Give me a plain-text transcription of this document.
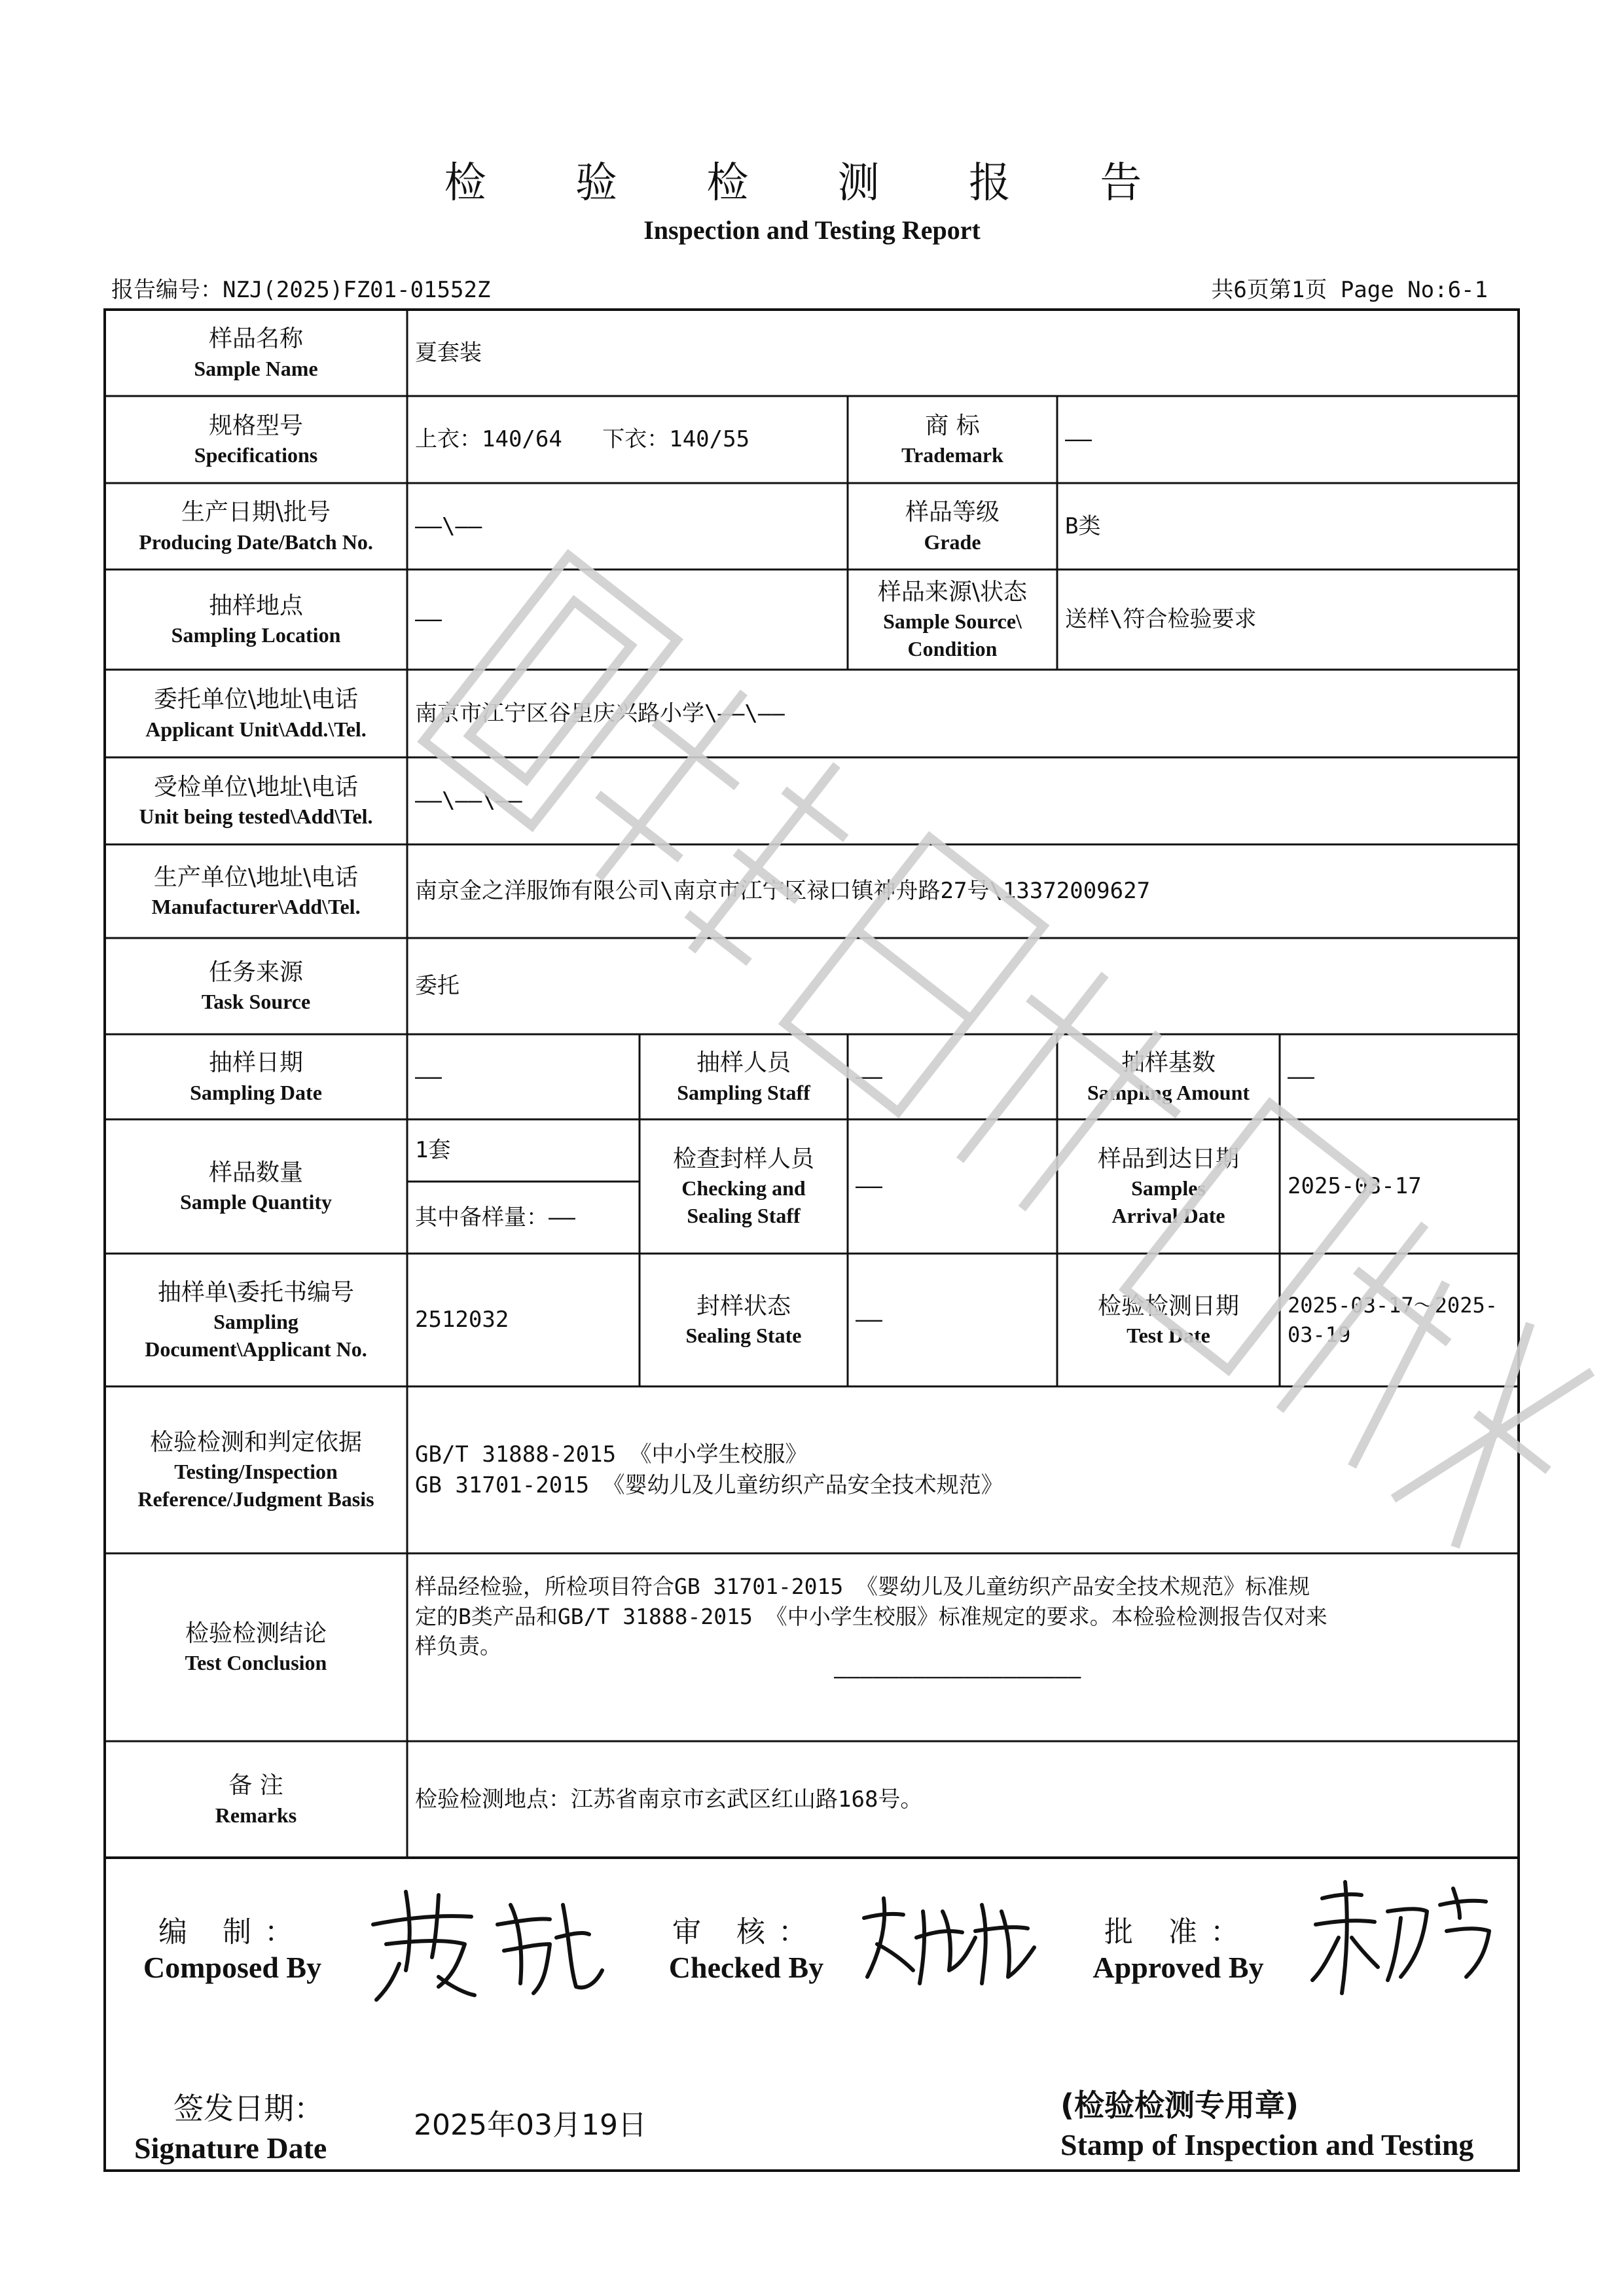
检 验 检 测 报 告
Inspection and Testing Report
报告编号：NZJ(2025)FZ01-01552Z	共6页第1页 Page No:6-1
样品名称
Sample Name
夏套装
规格型号
Specifications
上衣：140/64   下衣：140/55
商 标
Trademark
——
生产日期\批号
Producing Date/Batch No.
——\——
样品等级
Grade
B类
抽样地点
Sampling Location
——
样品来源\状态
Sample Source\
Condition
送样\符合检验要求
委托单位\地址\电话
Applicant Unit\Add.\Tel.
南京市江宁区谷里庆兴路小学\——\——
受检单位\地址\电话
Unit being tested\Add\Tel.
——\——\——
生产单位\地址\电话
Manufacturer\Add\Tel.
南京金之洋服饰有限公司\南京市江宁区禄口镇神舟路27号\13372009627
任务来源
Task Source
委托
抽样日期
Sampling Date
——
抽样人员
Sampling Staff
——
抽样基数
Sampling Amount
——
样品数量
Sample Quantity
1套
其中备样量：——
检查封样人员
Checking and
Sealing Staff
——
样品到达日期
Samples
Arrival Date
2025-03-17
抽样单\委托书编号
Sampling
Document\Applicant No.
2512032
封样状态
Sealing State
——
检验检测日期
Test Date
2025-03-17～2025-
03-19
检验检测和判定依据
Testing/Inspection
Reference/Judgment Basis
GB/T 31888-2015 《中小学生校服》
GB 31701-2015 《婴幼儿及儿童纺织产品安全技术规范》
检验检测结论
Test Conclusion
样品经检验，所检项目符合GB 31701-2015 《婴幼儿及儿童纺织产品安全技术规范》标准规
定的B类产品和GB/T 31888-2015 《中小学生校服》标准规定的要求。本检验检测报告仅对来
样负责。
———————————————————
备 注
Remarks
检验检测地点：江苏省南京市玄武区红山路168号。
编 制：
Composed By
审 核：
Checked By
批 准：
Approved By
签发日期：
Signature Date
2025年03月19日
(检验检测专用章)
Stamp of Inspection and Testing
